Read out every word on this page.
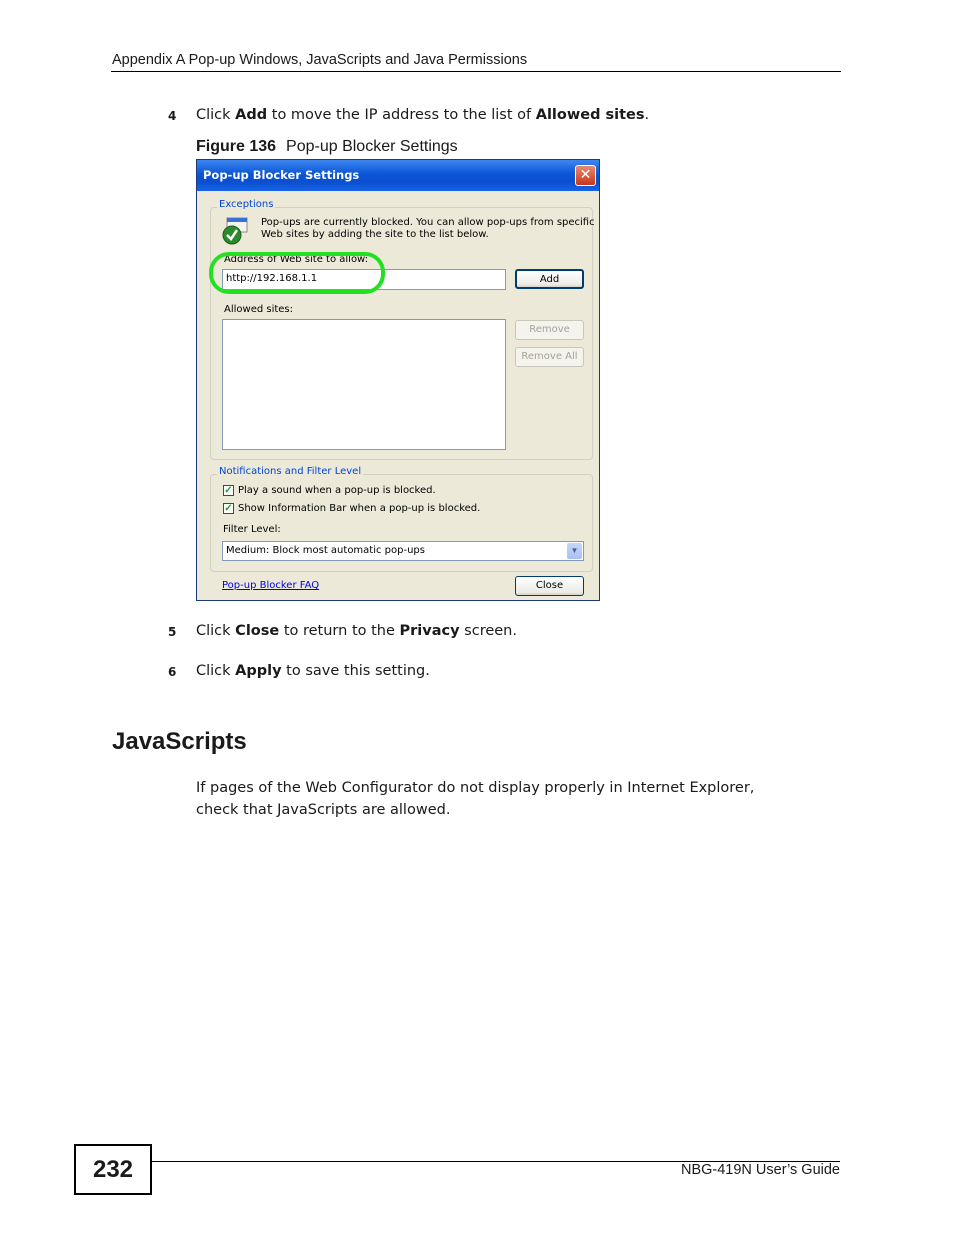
Appendix A Pop-up Windows, JavaScripts and Java Permissions
4 Click Add to move the IP address to the list of Allowed sites.
Figure 136 Pop-up Blocker Settings
Pop-up Blocker Settings	✕
Exceptions
Pop-ups are currently blocked. You can allow pop-ups from specific
Web sites by adding the site to the list below.
Address of Web site to allow:
http://192.168.1.1	Add
Allowed sites:
Remove
Remove All
Notifications and Filter Level
✓ Play a sound when a pop-up is blocked.
✓ Show Information Bar when a pop-up is blocked.
Filter Level:
Medium: Block most automatic pop-ups	▼
Pop-up Blocker FAQ	Close
5 Click Close to return to the Privacy screen.
6 Click Apply to save this setting.
JavaScripts
If pages of the Web Configurator do not display properly in Internet Explorer,
check that JavaScripts are allowed.
232	NBG-419N User’s Guide
